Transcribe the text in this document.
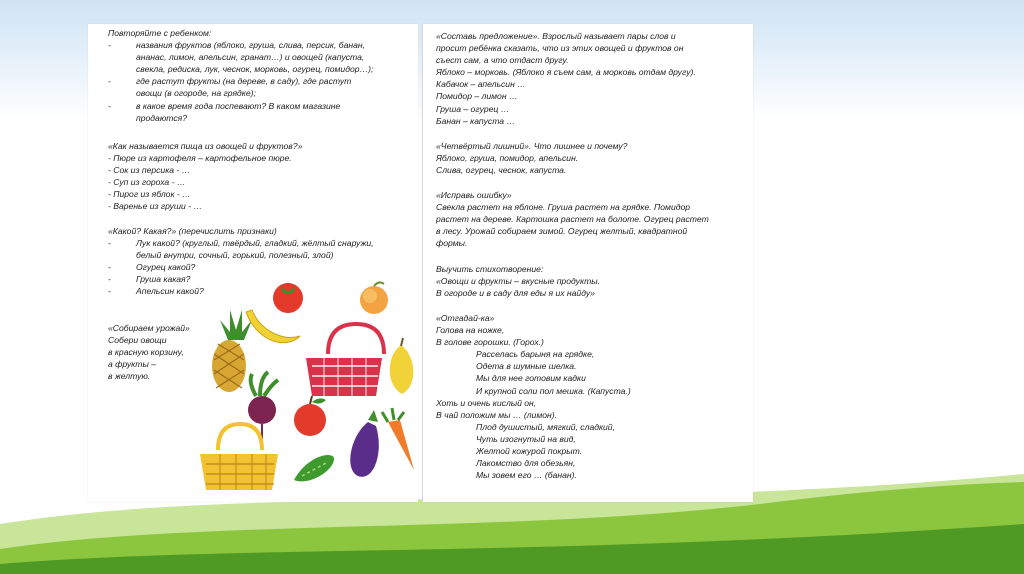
Повторяйте с ребенком:
-	названия фруктов (яблоко, груша, слива, персик, банан,
ананас, лимон, апельсин, гранат…) и овощей (капуста,
свекла, редиска, лук, чеснок, морковь, огурец, помидор…);
-	где растут фрукты (на дереве, в саду), где растут
овощи (в огороде, на грядке);
-	в какое время года поспевают? В каком магазине
продаются?
«Как называется пища из овощей и фруктов?»
- Пюре из картофеля – картофельное пюре.
- Сок из персика - …
- Суп из гороха - …
- Пирог из яблок - …
- Варенье из груши - …
«Какой? Какая?» (перечислить признаки)
-	Лук какой? (круглый, твёрдый, гладкий, жёлтый снаружи,
белый внутри, сочный, горький, полезный, злой)
-	Огурец какой?
-	Груша какая?
-	Апельсин какой?
«Собираем урожай»
Собери овощи
в красную корзину,
а фрукты –
в желтую.
«Составь предложение». Взрослый называет пары слов и
просит ребёнка сказать, что из этих овощей и фруктов он
съест сам, а что отдаст другу.
Яблоко – морковь. (Яблоко я съем сам, а морковь отдам другу).
Кабачок – апельсин …
Помидор – лимон …
Груша – огурец …
Банан – капуста …
«Четвёртый лишний». Что лишнее и почему?
Яблоко, груша, помидор, апельсин.
Слива, огурец, чеснок, капуста.
«Исправь ошибку»
Свекла растет на яблоне. Груша растет на грядке. Помидор
растет на дереве. Картошка растет на болоте. Огурец растет
в лесу. Урожай собираем зимой. Огурец желтый, квадратной
формы.
Выучить стихотворение:
«Овощи и фрукты – вкусные продукты.
В огороде и в саду для еды я их найду»
«Отгадай-ка»
Голова на ножке,
В голове горошки. (Горох.)
Расселась барыня на грядке,
Одета в шумные шелка.
Мы для нее готовим кадки
И крупной соли пол мешка. (Капуста.)
Хоть и очень кислый он,
В чай положим мы … (лимон).
Плод душистый, мягкий, сладкий,
Чуть изогнутый на вид,
Желтой кожурой покрыт.
Лакомство для обезьян,
Мы зовем его … (банан).
